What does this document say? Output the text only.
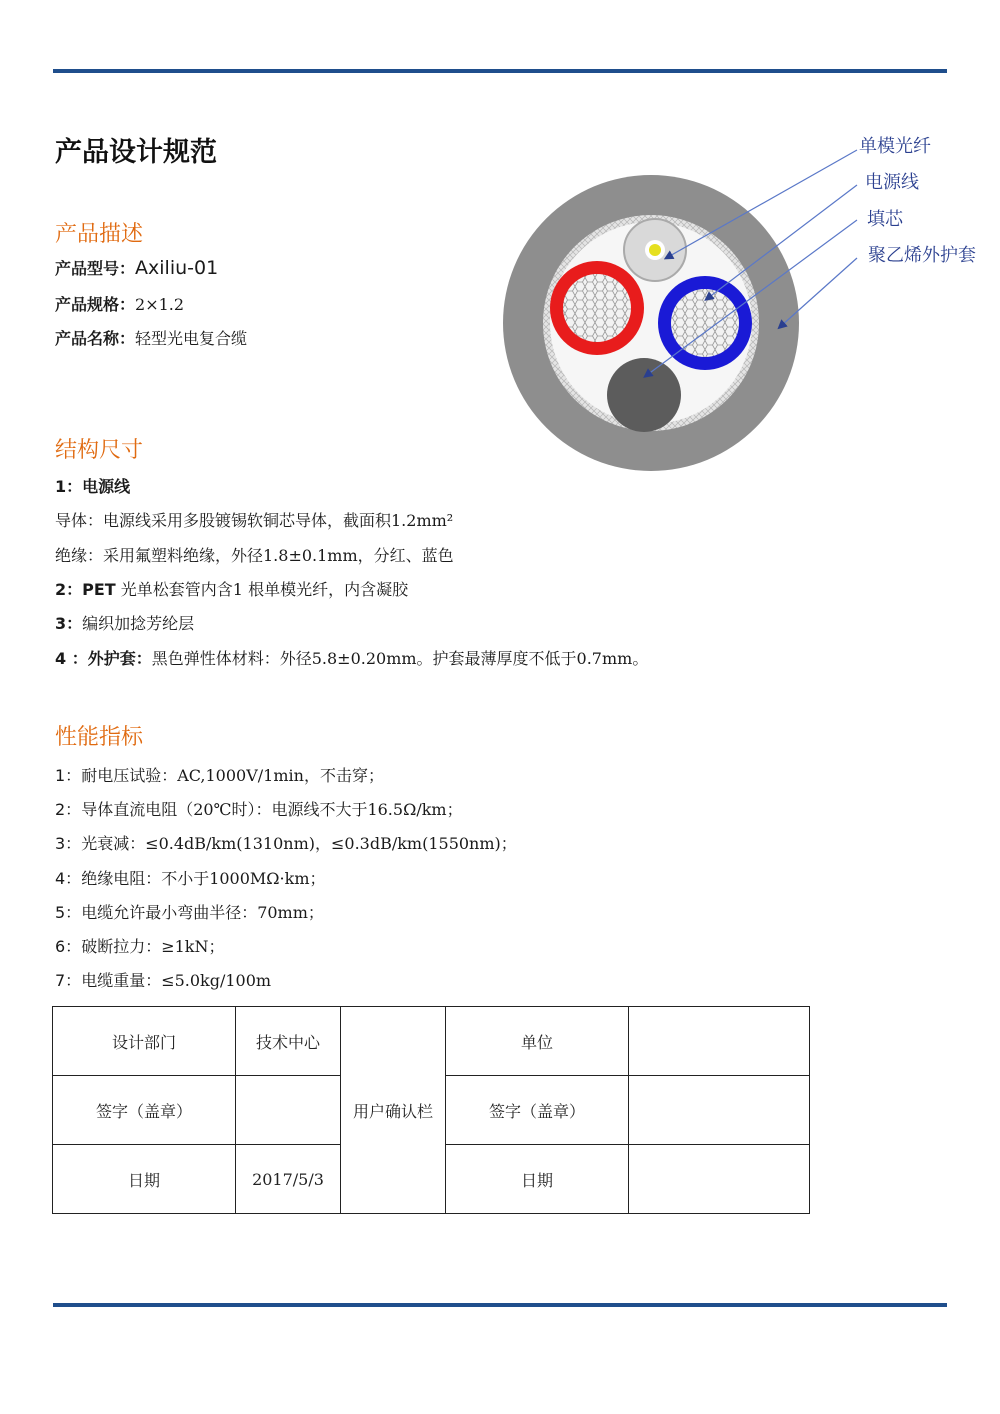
产品设计规范
产品描述
产品型号：Axiliu-01
产品规格：2×1.2
产品名称：轻型光电复合缆
单模光纤
电源线
填芯
聚乙烯外护套
结构尺寸
1：电源线
导体：电源线采用多股镀锡软铜芯导体，截面积1.2mm²
绝缘：采用氟塑料绝缘，外径1.8±0.1mm，分红、蓝色
2：PET 光单松套管内含1 根单模光纤，内含凝胶
3：编织加捻芳纶层
4 ：外护套：黑色弹性体材料：外径5.8±0.20mm。护套最薄厚度不低于0.7mm。
性能指标
1：耐电压试验：AC,1000V/1min，不击穿；
2：导体直流电阻（20℃时）：电源线不大于16.5Ω/km；
3：光衰减：≤0.4dB/km(1310nm)，≤0.3dB/km(1550nm)；
4：绝缘电阻：不小于1000MΩ·km；
5：电缆允许最小弯曲半径：70mm；
6：破断拉力：≥1kN；
7：电缆重量：≤5.0kg/100m
设计部门	技术中心	用户确认栏	单位	
签字（盖章）			签字（盖章）	
日期	2017/5/3		日期	
